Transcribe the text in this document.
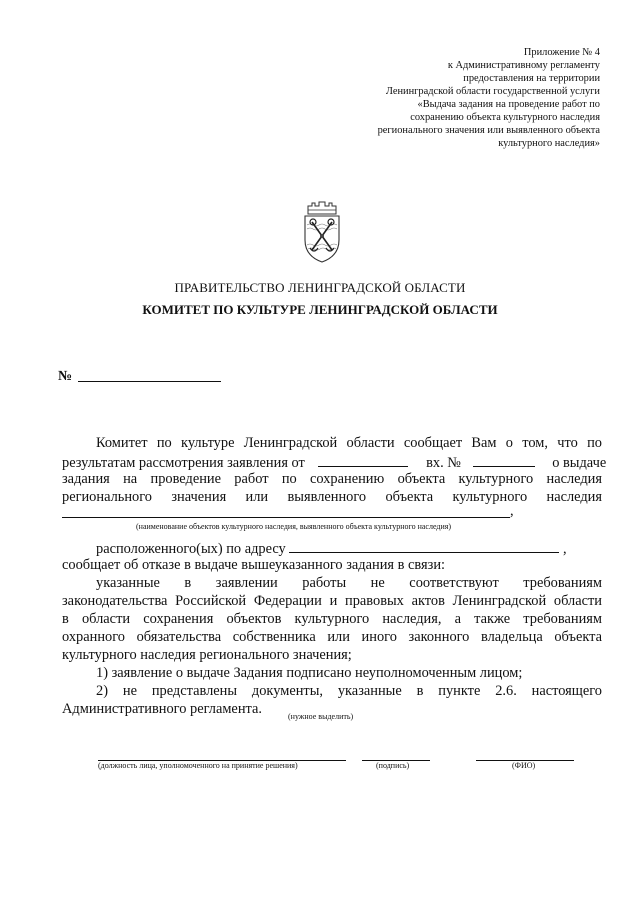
Приложение № 4
к Административному регламенту
предоставления на территории
Ленинградской области государственной услуги
«Выдача задания на проведение работ по
сохранению объекта культурного наследия
регионального значения или выявленного объекта
культурного наследия»
ПРАВИТЕЛЬСТВО ЛЕНИНГРАДСКОЙ ОБЛАСТИ
КОМИТЕТ ПО КУЛЬТУРЕ ЛЕНИНГРАДСКОЙ ОБЛАСТИ
№
Комитет по культуре Ленинградской области сообщает Вам о том, что по
результатам рассмотрения заявления от	вх. №	о выдаче
задания на проведение работ по сохранению объекта культурного наследия
регионального значения или выявленного объекта культурного наследия
,
(наименование объектов культурного наследия, выявленного объекта культурного наследия)
расположенного(ых) по адресу	,
сообщает об отказе в выдаче вышеуказанного задания в связи:
указанные в заявлении работы не соответствуют требованиям
законодательства Российской Федерации и правовых актов Ленинградской области
в области сохранения объектов культурного наследия, а также требованиям
охранного обязательства собственника или иного законного владельца объекта
культурного наследия регионального значения;
1) заявление о выдаче Задания подписано неуполномоченным лицом;
2) не представлены документы, указанные в пункте 2.6. настоящего
Административного регламента.	(нужное выделить)
(должность лица, уполномоченного на принятие решения)	(подпись)	(ФИО)
